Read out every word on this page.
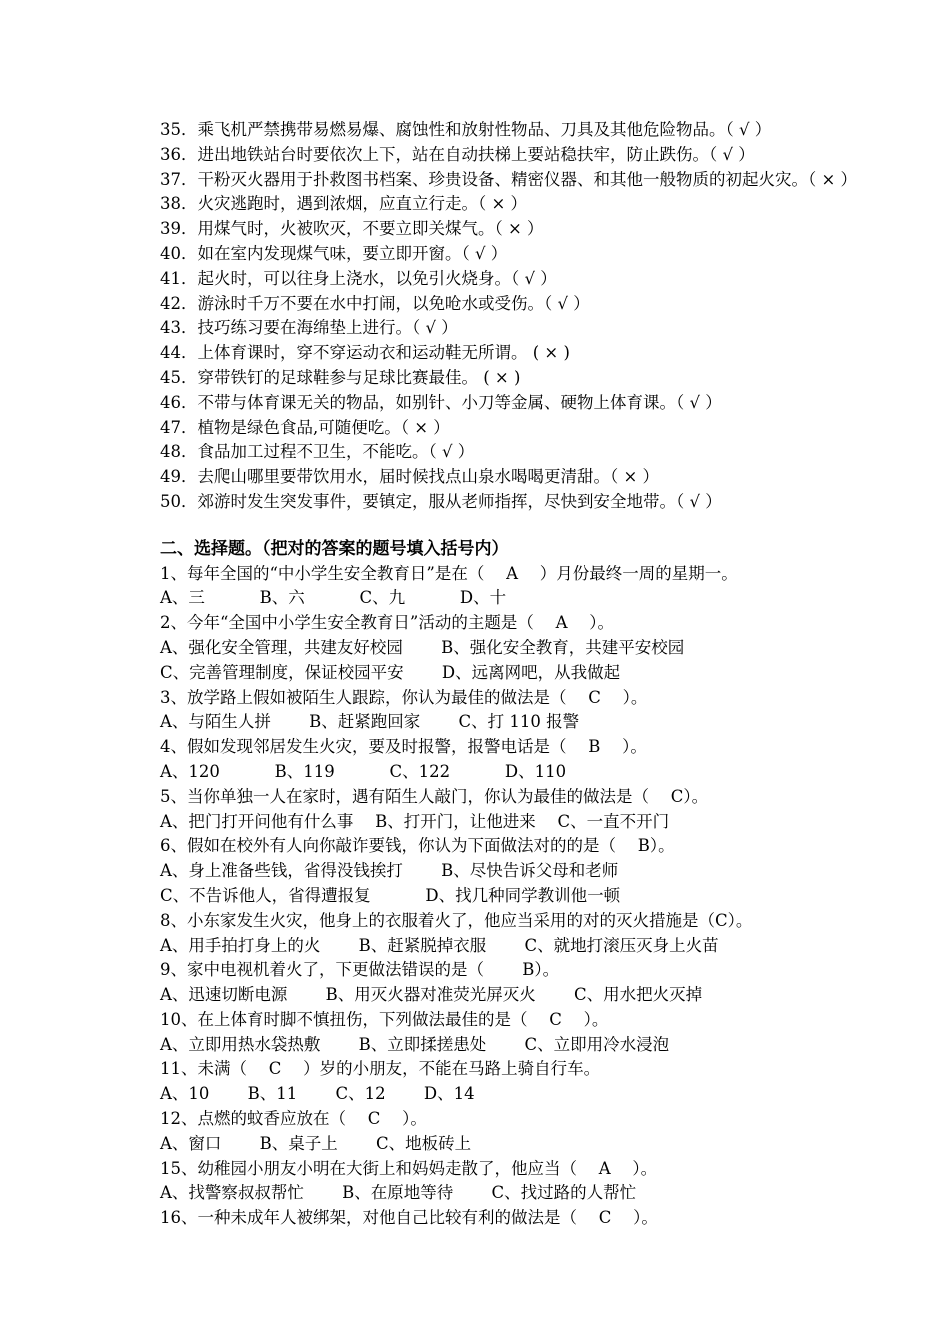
35．乘飞机严禁携带易燃易爆、腐蚀性和放射性物品、刀具及其他危险物品。（ √ ）
36．进出地铁站台时要依次上下，站在自动扶梯上要站稳扶牢，防止跌伤。（ √ ）
37．干粉灭火器用于扑救图书档案、珍贵设备、精密仪器、和其他一般物质的初起火灾。（ × ）
38．火灾逃跑时，遇到浓烟，应直立行走。（ × ）
39．用煤气时，火被吹灭，不要立即关煤气。（ × ）
40．如在室内发现煤气味，要立即开窗。（ √ ）
41．起火时，可以往身上浇水，以免引火烧身。（ √ ）
42．游泳时千万不要在水中打闹，以免呛水或受伤。（ √ ）
43．技巧练习要在海绵垫上进行。（ √ ）
44．上体育课时，穿不穿运动衣和运动鞋无所谓。 ( × )
45．穿带铁钉的足球鞋参与足球比赛最佳。 ( × )
46．不带与体育课无关的物品，如别针、小刀等金属、硬物上体育课。（ √ ）
47．植物是绿色食品,可随便吃。（ × ）
48．食品加工过程不卫生，不能吃。（ √ ）
49．去爬山哪里要带饮用水，届时候找点山泉水喝喝更清甜。（ × ）
50．郊游时发生突发事件，要镇定，服从老师指挥，尽快到安全地带。（ √ ）
二、选择题。（把对的答案的题号填入括号内）
1、每年全国的“中小学生安全教育日”是在（　 A　 ）月份最终一周的星期一。
A、三　　　 B、六　　　 C、九　　　 D、十
2、今年“全国中小学生安全教育日”活动的主题是（　 A　 ）。
A、强化安全管理，共建友好校园　　 B、强化安全教育，共建平安校园
C、完善管理制度，保证校园平安　　 D、远离网吧，从我做起
3、放学路上假如被陌生人跟踪，你认为最佳的做法是（　 C　 ）。
A、与陌生人拼　　 B、赶紧跑回家　　 C、打 110 报警
4、假如发现邻居发生火灾，要及时报警，报警电话是（　 B　 ）。
A、120　　　 B、119　　　 C、122　　　 D、110
5、当你单独一人在家时，遇有陌生人敲门，你认为最佳的做法是（　 C）。
A、把门打开问他有什么事　 B、打开门，让他进来　 C、一直不开门
6、假如在校外有人向你敲诈要钱，你认为下面做法对的的是（　 B）。
A、身上准备些钱，省得没钱挨打　　 B、尽快告诉父母和老师
C、不告诉他人，省得遭报复　　　 D、找几种同学教训他一顿
8、小东家发生火灾，他身上的衣服着火了，他应当采用的对的灭火措施是（C）。
A、用手拍打身上的火　　 B、赶紧脱掉衣服　　 C、就地打滚压灭身上火苗
9、家中电视机着火了，下更做法错误的是（　　 B）。
A、迅速切断电源　　 B、用灭火器对准荧光屏灭火　　 C、用水把火灭掉
10、在上体育时脚不慎扭伤，下列做法最佳的是（　 C　 ）。
A、立即用热水袋热敷　　 B、立即揉搓患处　　 C、立即用冷水浸泡
11、未满（　 C　 ）岁的小朋友，不能在马路上骑自行车。
A、10　　 B、11　　 C、12　　 D、14
12、点燃的蚊香应放在（　 C　 ）。
A、窗口　　 B、桌子上　　 C、地板砖上
15、幼稚园小朋友小明在大街上和妈妈走散了，他应当（　 A　 ）。
A、找警察叔叔帮忙　　 B、在原地等待　　 C、找过路的人帮忙
16、一种未成年人被绑架，对他自己比较有利的做法是（　 C　 ）。
